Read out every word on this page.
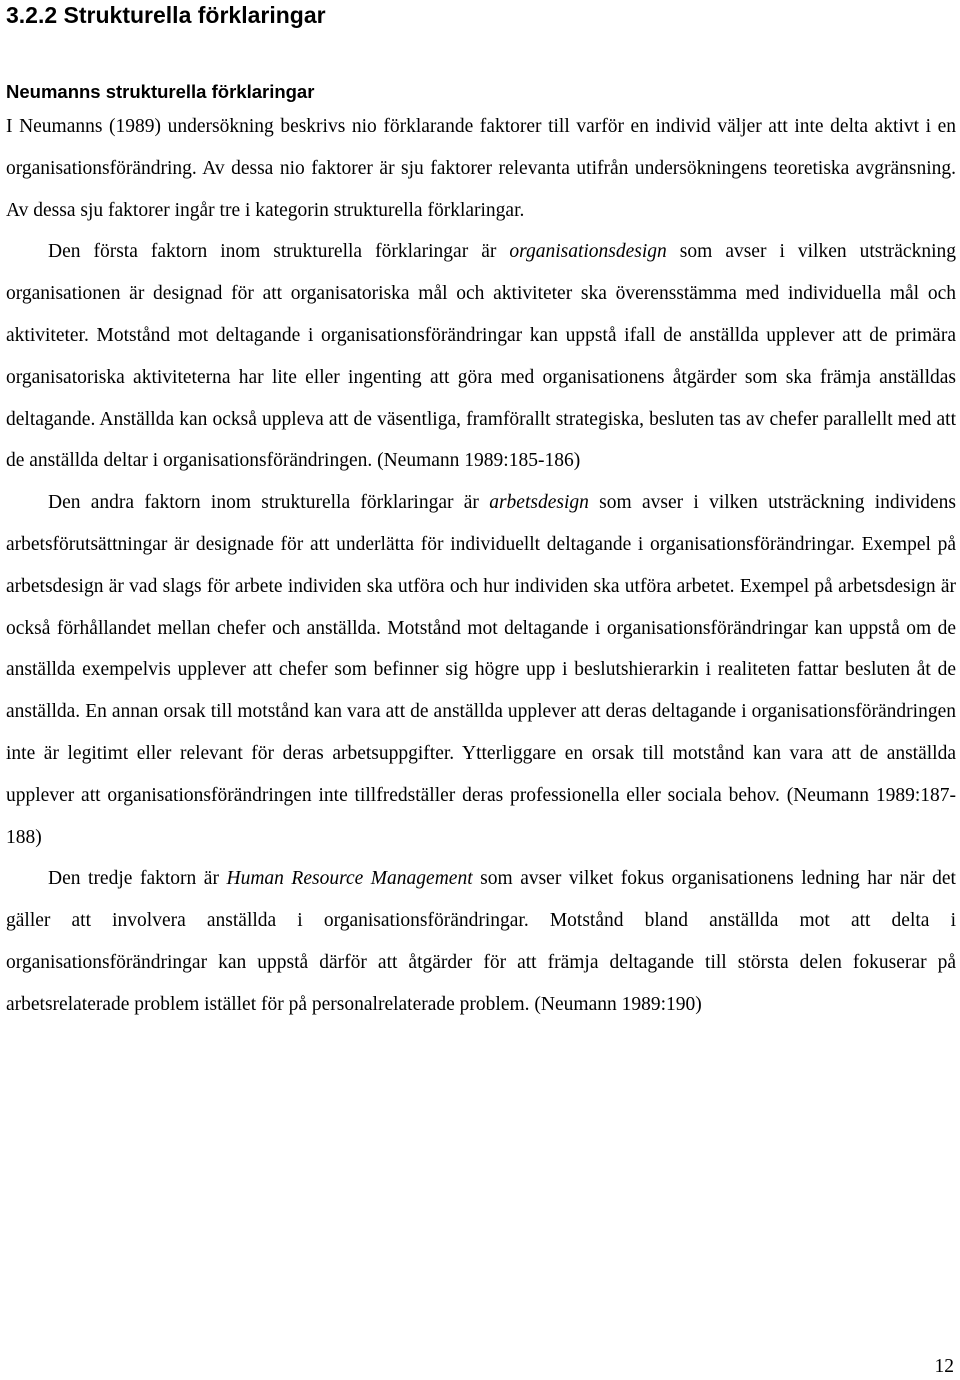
3.2.2 Strukturella förklaringar
Neumanns strukturella förklaringar

I Neumanns (1989) undersökning beskrivs nio förklarande faktorer till varför en individ väljer att inte delta aktivt i en organisationsförändring. Av dessa nio faktorer är sju faktorer relevanta utifrån undersökningens teoretiska avgränsning. Av dessa sju faktorer ingår tre i kategorin strukturella förklaringar.

Den första faktorn inom strukturella förklaringar är organisationsdesign som avser i vilken utsträckning organisationen är designad för att organisatoriska mål och aktiviteter ska överensstämma med individuella mål och aktiviteter. Motstånd mot deltagande i organisationsförändringar kan uppstå ifall de anställda upplever att de primära organisatoriska aktiviteterna har lite eller ingenting att göra med organisationens åtgärder som ska främja anställdas deltagande. Anställda kan också uppleva att de väsentliga, framförallt strategiska, besluten tas av chefer parallellt med att de anställda deltar i organisationsförändringen. (Neumann 1989:185-186)

Den andra faktorn inom strukturella förklaringar är arbetsdesign som avser i vilken utsträckning individens arbetsförutsättningar är designade för att underlätta för individuellt deltagande i organisationsförändringar. Exempel på arbetsdesign är vad slags för arbete individen ska utföra och hur individen ska utföra arbetet. Exempel på arbetsdesign är också förhållandet mellan chefer och anställda. Motstånd mot deltagande i organisationsförändringar kan uppstå om de anställda exempelvis upplever att chefer som befinner sig högre upp i beslutshierarkin i realiteten fattar besluten åt de anställda. En annan orsak till motstånd kan vara att de anställda upplever att deras deltagande i organisationsförändringen inte är legitimt eller relevant för deras arbetsuppgifter. Ytterliggare en orsak till motstånd kan vara att de anställda upplever att organisationsförändringen inte tillfredställer deras professionella eller sociala behov. (Neumann 1989:187-188)

Den tredje faktorn är Human Resource Management som avser vilket fokus organisationens ledning har när det gäller att involvera anställda i organisationsförändringar. Motstånd bland anställda mot att delta i organisationsförändringar kan uppstå därför att åtgärder för att främja deltagande till största delen fokuserar på arbetsrelaterade problem istället för på personalrelaterade problem. (Neumann 1989:190)

12
